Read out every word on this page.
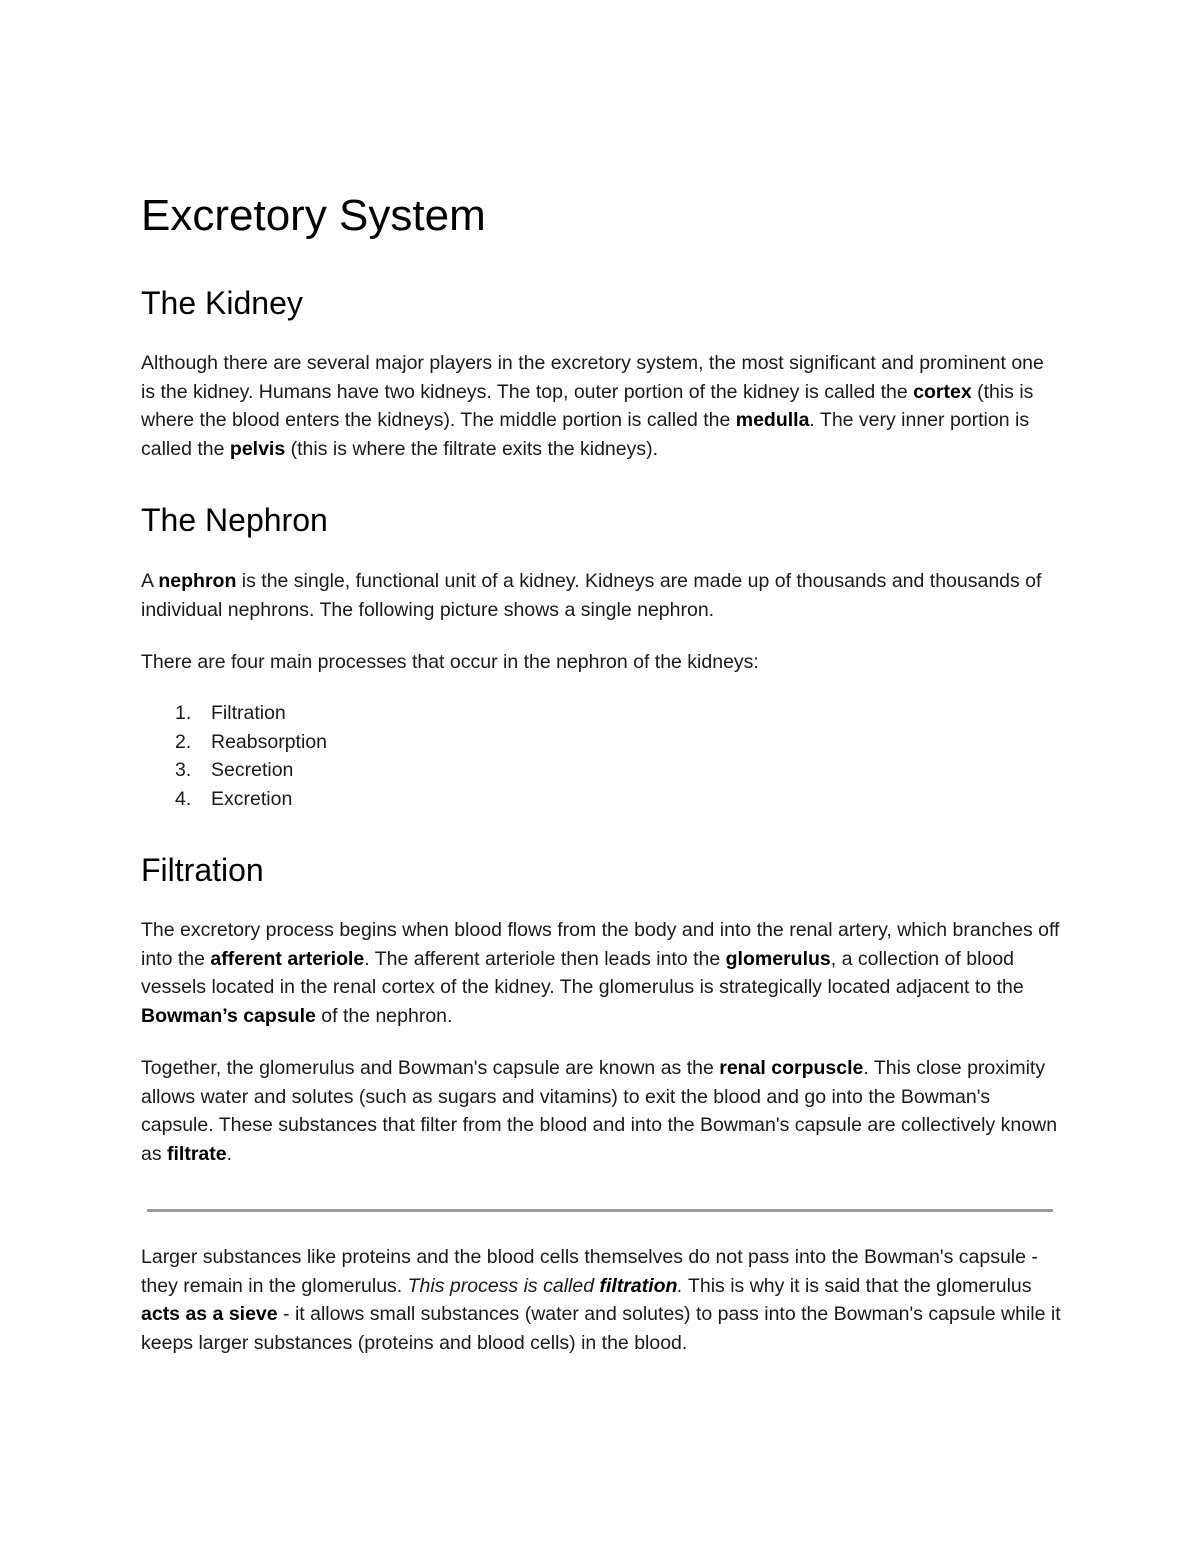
Excretory System
The Kidney

Although there are several major players in the excretory system, the most significant and prominent one is the kidney. Humans have two kidneys. The top, outer portion of the kidney is called the cortex (this is where the blood enters the kidneys). The middle portion is called the medulla. The very inner portion is called the pelvis (this is where the filtrate exits the kidneys).

The Nephron

A nephron is the single, functional unit of a kidney. Kidneys are made up of thousands and thousands of individual nephrons. The following picture shows a single nephron.

There are four main processes that occur in the nephron of the kidneys:

1. Filtration
2. Reabsorption
3. Secretion
4. Excretion
Filtration

The excretory process begins when blood flows from the body and into the renal artery, which branches off into the afferent arteriole. The afferent arteriole then leads into the glomerulus, a collection of blood vessels located in the renal cortex of the kidney. The glomerulus is strategically located adjacent to the Bowman’s capsule of the nephron.

Together, the glomerulus and Bowman's capsule are known as the renal corpuscle. This close proximity allows water and solutes (such as sugars and vitamins) to exit the blood and go into the Bowman's capsule. These substances that filter from the blood and into the Bowman's capsule are collectively known as filtrate.

Larger substances like proteins and the blood cells themselves do not pass into the Bowman's capsule - they remain in the glomerulus. This process is called filtration. This is why it is said that the glomerulus acts as a sieve - it allows small substances (water and solutes) to pass into the Bowman's capsule while it keeps larger substances (proteins and blood cells) in the blood.
